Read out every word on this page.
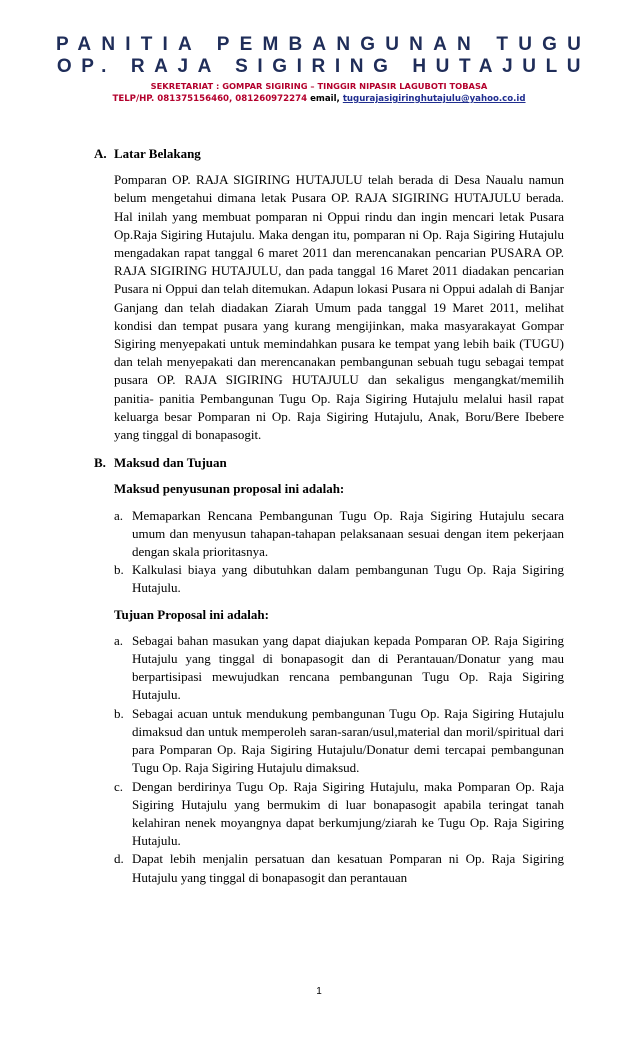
PANITIA PEMBANGUNAN TUGU
OP. RAJA SIGIRING HUTAJULU
SEKRETARIAT : GOMPAR SIGIRING – TINGGIR NIPASIR LAGUBOTI TOBASA
TELP/HP. 081375156460, 081260972274 email, tugurajasigiringhutajulu@yahoo.co.id
A. Latar Belakang

Pomparan OP. RAJA SIGIRING HUTAJULU telah berada di Desa Naualu namun belum mengetahui dimana letak Pusara OP. RAJA SIGIRING HUTAJULU berada. Hal inilah yang membuat pomparan ni Oppui rindu dan ingin mencari letak Pusara Op.Raja Sigiring Hutajulu. Maka dengan itu, pomparan ni Op. Raja Sigiring Hutajulu mengadakan rapat tanggal 6 maret 2011 dan merencanakan pencarian PUSARA OP. RAJA SIGIRING HUTAJULU, dan pada tanggal 16 Maret 2011 diadakan pencarian Pusara ni Oppui dan telah ditemukan. Adapun lokasi Pusara ni Oppui adalah di Banjar Ganjang dan telah diadakan Ziarah Umum pada tanggal 19 Maret 2011, melihat kondisi dan tempat pusara yang kurang mengijinkan, maka masyarakayat Gompar Sigiring menyepakati untuk memindahkan pusara ke tempat yang lebih baik (TUGU) dan telah menyepakati dan merencanakan pembangunan sebuah tugu sebagai tempat pusara OP. RAJA SIGIRING HUTAJULU dan sekaligus mengangkat/memilih panitia- panitia Pembangunan Tugu Op. Raja Sigiring Hutajulu melalui hasil rapat keluarga besar Pomparan ni Op. Raja Sigiring Hutajulu, Anak, Boru/Bere Ibebere yang tinggal di bonapasogit.

B. Maksud dan Tujuan
Maksud penyusunan proposal ini adalah:
a. Memaparkan Rencana Pembangunan Tugu Op. Raja Sigiring Hutajulu secara umum dan menyusun tahapan-tahapan pelaksanaan sesuai dengan item pekerjaan dengan skala prioritasnya.
b. Kalkulasi biaya yang dibutuhkan dalam pembangunan Tugu Op. Raja Sigiring Hutajulu.
Tujuan Proposal ini adalah:
a. Sebagai bahan masukan yang dapat diajukan kepada Pomparan OP. Raja Sigiring Hutajulu yang tinggal di bonapasogit dan di Perantauan/Donatur yang mau berpartisipasi mewujudkan rencana pembangunan Tugu Op. Raja Sigiring Hutajulu.
b. Sebagai acuan untuk mendukung pembangunan Tugu Op. Raja Sigiring Hutajulu dimaksud dan untuk memperoleh saran-saran/usul,material dan moril/spiritual dari para Pomparan Op. Raja Sigiring Hutajulu/Donatur demi tercapai pembangunan Tugu Op. Raja Sigiring Hutajulu dimaksud.
c. Dengan berdirinya Tugu Op. Raja Sigiring Hutajulu, maka Pomparan Op. Raja Sigiring Hutajulu yang bermukim di luar bonapasogit apabila teringat tanah kelahiran nenek moyangnya dapat berkumjung/ziarah ke Tugu Op. Raja Sigiring Hutajulu.
d. Dapat lebih menjalin persatuan dan kesatuan Pomparan ni Op. Raja Sigiring Hutajulu yang tinggal di bonapasogit dan perantauan
1
